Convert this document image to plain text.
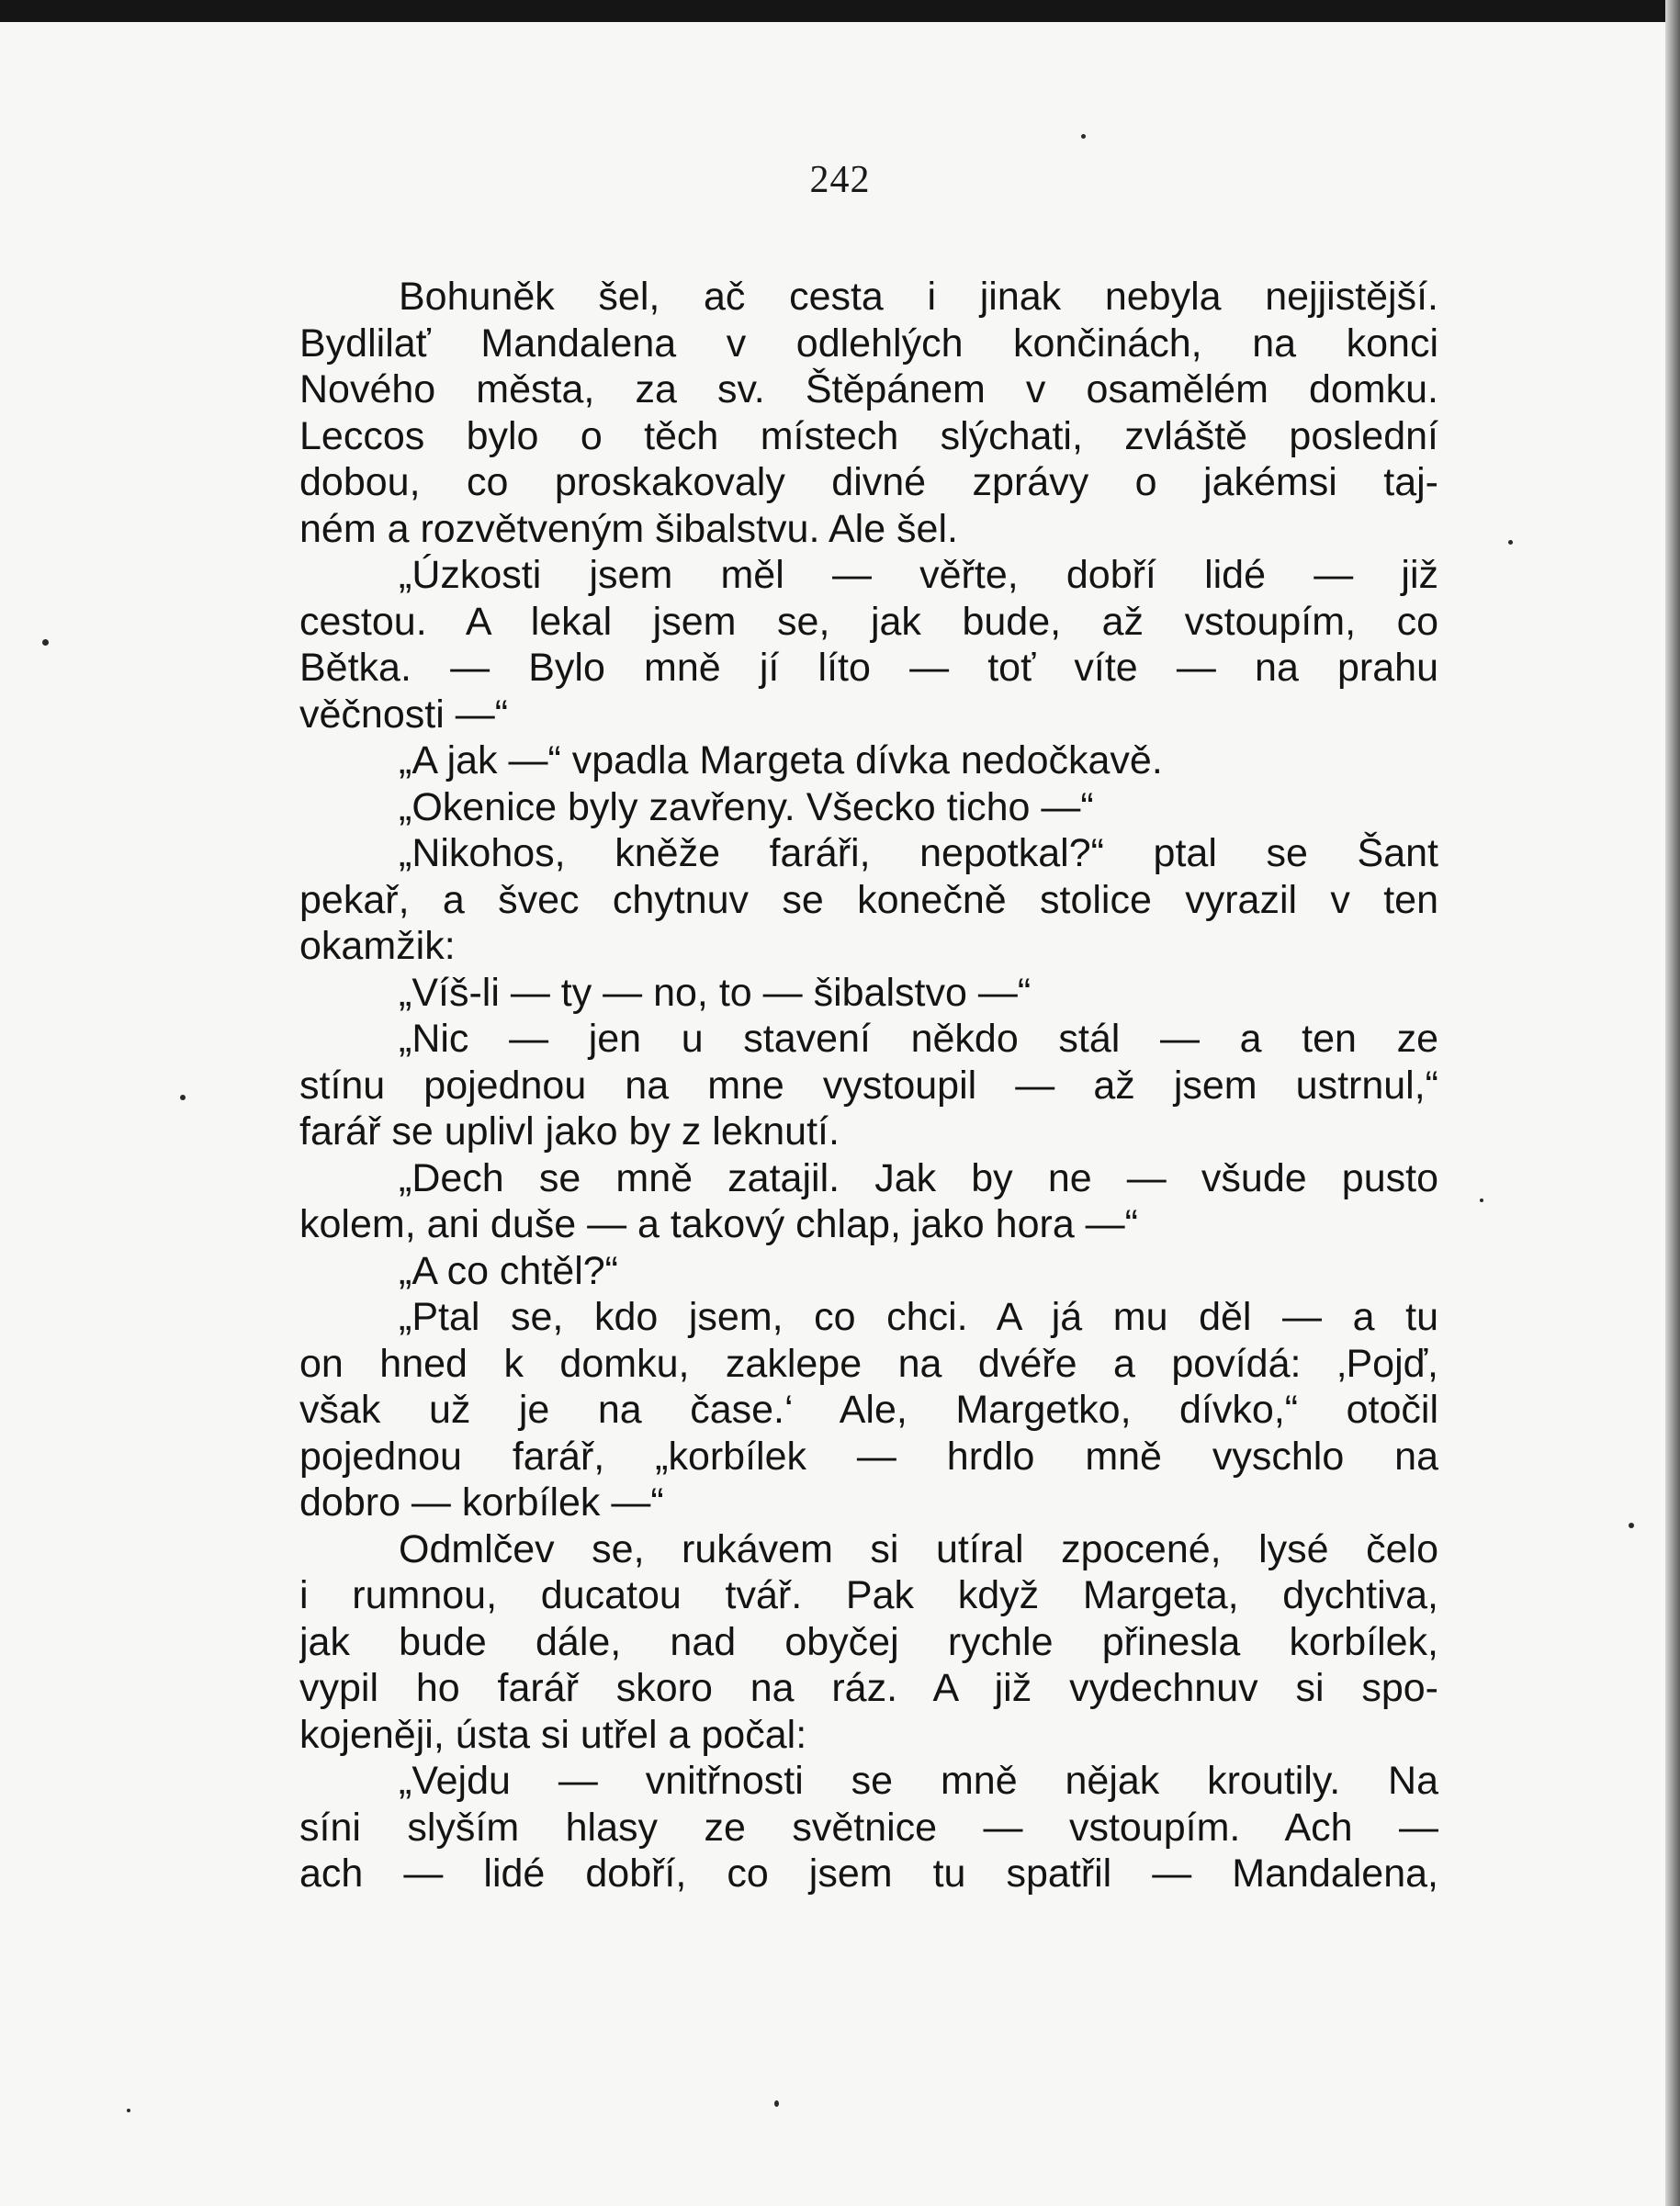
242
Bohuněk šel, ač cesta i jinak nebyla nejjistější.
Bydlilať Mandalena v odlehlých končinách, na konci
Nového města, za sv. Štěpánem v osamělém domku.
Leccos bylo o těch místech slýchati, zvláště poslední
dobou, co proskakovaly divné zprávy o jakémsi taj-
ném a rozvětveným šibalstvu. Ale šel.
„Úzkosti jsem měl — věřte, dobří lidé — již
cestou. A lekal jsem se, jak bude, až vstoupím, co
Bětka. — Bylo mně jí líto — toť víte — na prahu
věčnosti —“
„A jak —“ vpadla Margeta dívka nedočkavě.
„Okenice byly zavřeny. Všecko ticho —“
„Nikohos, kněže faráři, nepotkal?“ ptal se Šant
pekař, a švec chytnuv se konečně stolice vyrazil v ten
okamžik:
„Víš-li — ty — no, to — šibalstvo —“
„Nic — jen u stavení někdo stál — a ten ze
stínu pojednou na mne vystoupil — až jsem ustrnul,“
farář se uplivl jako by z leknutí.
„Dech se mně zatajil. Jak by ne — všude pusto
kolem, ani duše — a takový chlap, jako hora —“
„A co chtěl?“
„Ptal se, kdo jsem, co chci. A já mu děl — a tu
on hned k domku, zaklepe na dvéře a povídá: ‚Pojď,
však už je na čase.‘ Ale, Margetko, dívko,“ otočil
pojednou farář, „korbílek — hrdlo mně vyschlo na
dobro — korbílek —“
Odmlčev se, rukávem si utíral zpocené, lysé čelo
i rumnou, ducatou tvář. Pak když Margeta, dychtiva,
jak bude dále, nad obyčej rychle přinesla korbílek,
vypil ho farář skoro na ráz. A již vydechnuv si spo-
kojeněji, ústa si utřel a počal:
„Vejdu — vnitřnosti se mně nějak kroutily. Na
síni slyším hlasy ze světnice — vstoupím. Ach —
ach — lidé dobří, co jsem tu spatřil — Mandalena,
